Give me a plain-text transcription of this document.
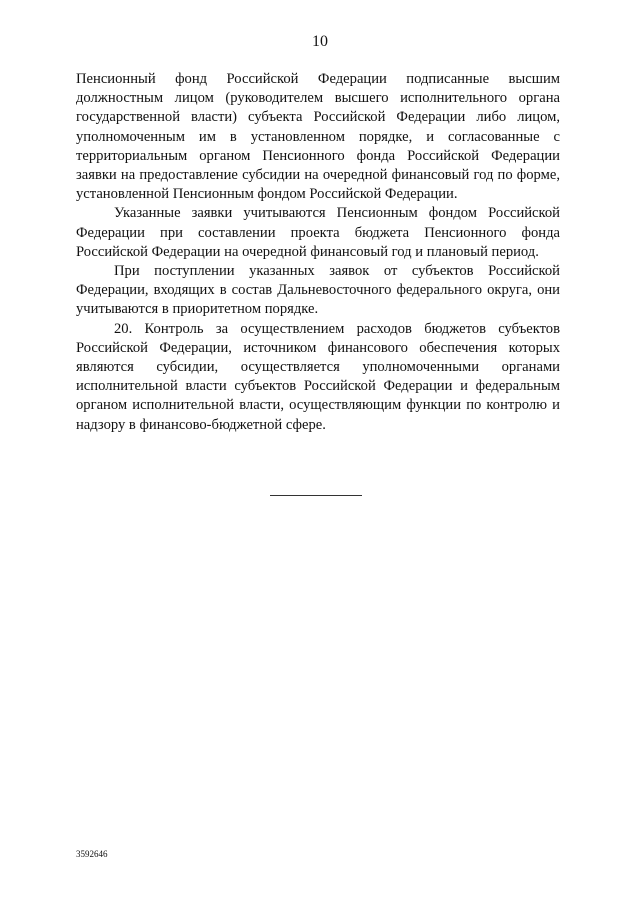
10

Пенсионный фонд Российской Федерации подписанные высшим должностным лицом (руководителем высшего исполнительного органа государственной власти) субъекта Российской Федерации либо лицом, уполномоченным им в установленном порядке, и согласованные с территориальным органом Пенсионного фонда Российской Федерации заявки на предоставление субсидии на очередной финансовый год по форме, установленной Пенсионным фондом Российской Федерации.

Указанные заявки учитываются Пенсионным фондом Российской Федерации при составлении проекта бюджета Пенсионного фонда Российской Федерации на очередной финансовый год и плановый период.

При поступлении указанных заявок от субъектов Российской Федерации, входящих в состав Дальневосточного федерального округа, они учитываются в приоритетном порядке.

20. Контроль за осуществлением расходов бюджетов субъектов Российской Федерации, источником финансового обеспечения которых являются субсидии, осуществляется уполномоченными органами исполнительной власти субъектов Российской Федерации и федеральным органом исполнительной власти, осуществляющим функции по контролю и надзору в финансово-бюджетной сфере.

3592646
